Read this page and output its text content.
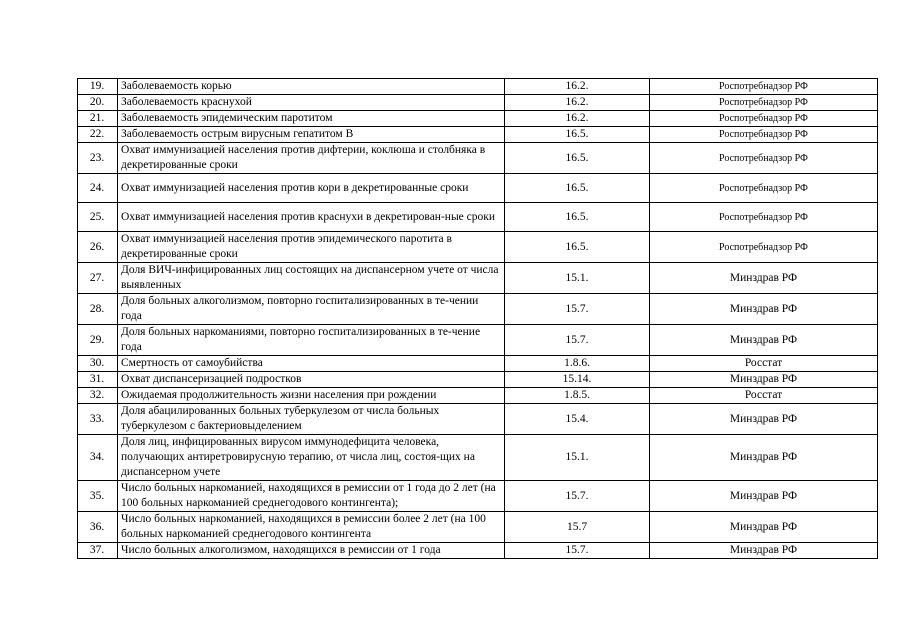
19.	Заболеваемость корью	16.2.	Роспотребнадзор РФ
20.	Заболеваемость краснухой	16.2.	Роспотребнадзор РФ
21.	Заболеваемость эпидемическим паротитом	16.2.	Роспотребнадзор РФ
22.	Заболеваемость острым вирусным гепатитом В	16.5.	Роспотребнадзор РФ
23.	Охват иммунизацией населения против дифтерии, коклюша и столбняка в декретированные сроки	16.5.	Роспотребнадзор РФ
24.	Охват иммунизацией населения против кори в декретированные сроки	16.5.	Роспотребнадзор РФ
25.	Охват иммунизацией населения против краснухи в декретирован-ные сроки	16.5.	Роспотребнадзор РФ
26.	Охват иммунизацией населения против эпидемического паротита в декретированные сроки	16.5.	Роспотребнадзор РФ
27.	Доля ВИЧ-инфицированных лиц состоящих на диспансерном учете от числа выявленных	15.1.	Минздрав РФ
28.	Доля больных алкоголизмом, повторно госпитализированных в те-чении года	15.7.	Минздрав РФ
29.	Доля больных наркоманиями, повторно госпитализированных в те-чение года	15.7.	Минздрав РФ
30.	Смертность от самоубийства	1.8.6.	Росстат
31.	Охват диспансеризацией подростков	15.14.	Минздрав РФ
32.	Ожидаемая продолжительность жизни населения при рождении	1.8.5.	Росстат
33.	Доля абацилированных больных туберкулезом от числа больных туберкулезом с бактериовыделением	15.4.	Минздрав РФ
34.	Доля лиц, инфицированных вирусом иммунодефицита человека, получающих антиретровирусную терапию, от числа лиц, состоя-щих на диспансерном учете	15.1.	Минздрав РФ
35.	Число больных наркоманией, находящихся в ремиссии от 1 года до 2 лет (на 100 больных наркоманией среднегодового контингента);	15.7.	Минздрав РФ
36.	Число больных наркоманией, находящихся в ремиссии более 2 лет (на 100 больных наркоманией среднегодового контингента	15.7	Минздрав РФ
37.	Число больных алкоголизмом, находящихся в ремиссии от 1 года	15.7.	Минздрав РФ
